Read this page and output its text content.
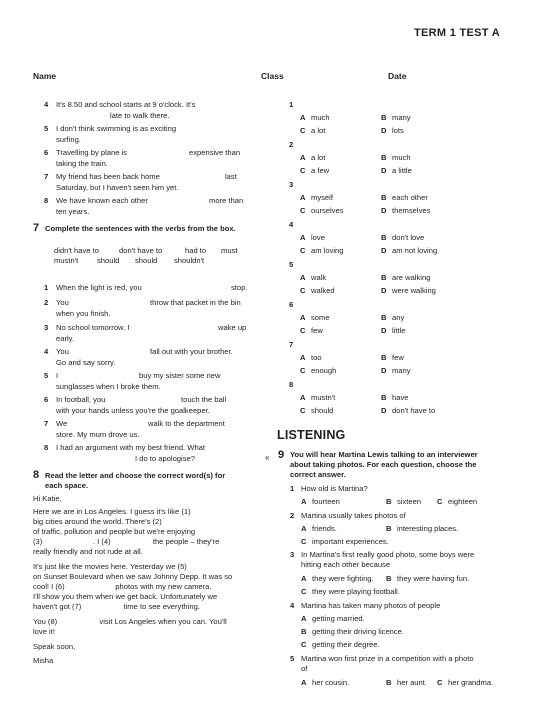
TERM 1 TEST A
Name	Class	Date
4 It's 8.50 and school starts at 9 o'clock. It's
late to walk there.
5 I don't think swimming is as exciting
surfing.
6 Travelling by plane is	expensive than
taking the train.
7 My friend has been back home	last
Saturday, but I haven't seen him yet.
8 We have known each other	more than
ten years.
7 Complete the sentences with the verbs from the box.
didn't have to	don't have to	had to must
mustn't should should shouldn't
1 When the light is red, you	stop.
2 You	throw that packet in the bin
when you finish.
3 No school tomorrow. I	wake up
early.
4 You	fall out with your brother.
Go and say sorry.
5 I	buy my sister some new
sunglasses when I broke them.
6 In football, you	touch the ball
with your hands unless you're the goalkeeper.
7 We	walk to the department
store. My mum drove us.
8 I had an argument with my best friend. What
I do to apologise?
8 Read the letter and choose the correct word(s) for
each space.
Hi Katie,
Here we are in Los Angeles. I guess it's like (1)
big cities around the world. There's (2)
of traffic, pollution and people but we're enjoying
(3)                        . I (4)                    the people – they're
really friendly and not rude at all.
It's just like the movies here. Yesterday we (5)
on Sunset Boulevard when we saw Johnny Depp. It was so
cool! I (6)                        photos with my new camera.
I'll show you them when we get back. Unfortunately we
haven't got (7)                    time to see everything.
You (8)                    visit Los Angeles when you can. You'll
love it!
Speak soon,
Misha
1
A much	B many
C a lot	D lots
2
A a lot	B much
C a few	D a little
3
A myself	B each other
C ourselves	D themselves
4
A love	B don't love
C am loving	D am not loving
5
A walk	B are walking
C walked	D were walking
6
A some	B any
C few	D little
7
A too	B few
C enough	D many
8
A mustn't	B have
C should	D don't have to
LISTENING
« 9 You will hear Martina Lewis talking to an interviewer
about taking photos. For each question, choose the
correct answer.
1 How old is Martina?
A fourteen	B sixteen C eighteen
2 Martina usually takes photos of
A friends.	B interesting places.
C important experiences.
3 In Martina's first really good photo, some boys were
hitting each other because
A they were fighting. B they were having fun.
C they were playing football.
4 Martina has taken many photos of people
A getting married.
B getting their driving licence.
C getting their degree.
5 Martina won first prize in a competition with a photo
of
A her cousin.	B her aunt. C her grandma.
